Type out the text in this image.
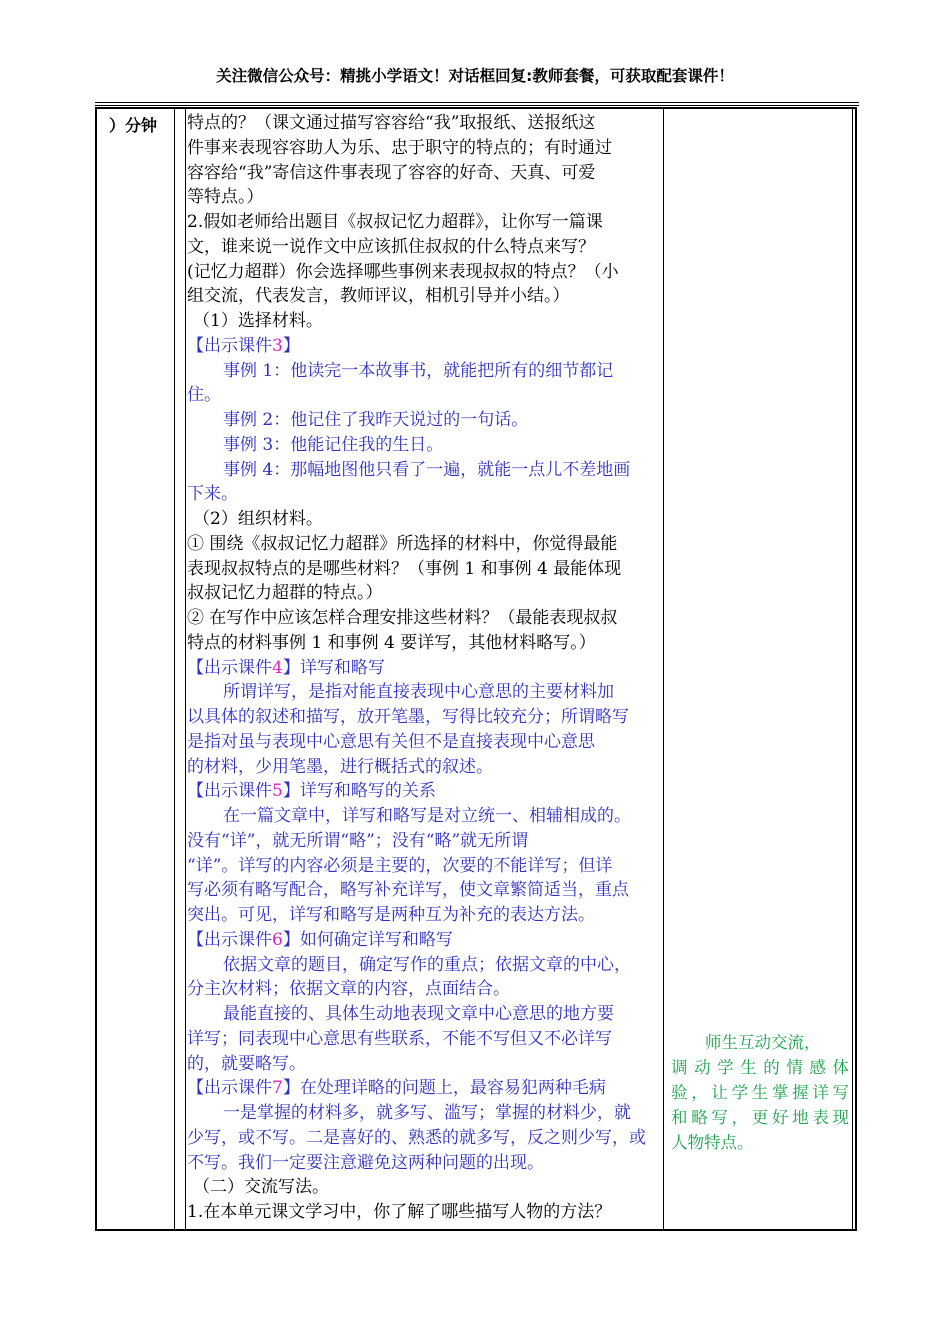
关注微信公众号：精挑小学语文！对话框回复:教师套餐，可获取配套课件！
）分钟 特点的？（课文通过描写容容给“我”取报纸、送报纸这
件事来表现容容助人为乐、忠于职守的特点的；有时通过
容容给“我”寄信这件事表现了容容的好奇、天真、可爱
等特点。）
2.假如老师给出题目《叔叔记忆力超群》，让你写一篇课
文，谁来说一说作文中应该抓住叔叔的什么特点来写？
(记忆力超群）你会选择哪些事例来表现叔叔的特点？（小
组交流，代表发言，教师评议，相机引导并小结。）
（1）选择材料。
【出示课件3】
事例 1：他读完一本故事书，就能把所有的细节都记
住。
事例 2：他记住了我昨天说过的一句话。
事例 3：他能记住我的生日。
事例 4：那幅地图他只看了一遍，就能一点儿不差地画
下来。
（2）组织材料。
① 围绕《叔叔记忆力超群》所选择的材料中，你觉得最能
表现叔叔特点的是哪些材料？（事例 1 和事例 4 最能体现
叔叔记忆力超群的特点。）
② 在写作中应该怎样合理安排这些材料？（最能表现叔叔
特点的材料事例 1 和事例 4 要详写，其他材料略写。）
【出示课件4】详写和略写
所谓详写，是指对能直接表现中心意思的主要材料加
以具体的叙述和描写，放开笔墨，写得比较充分；所谓略写
是指对虽与表现中心意思有关但不是直接表现中心意思
的材料，少用笔墨，进行概括式的叙述。
【出示课件5】详写和略写的关系
在一篇文章中，详写和略写是对立统一、相辅相成的。
没有“详”，就无所谓“略”；没有“略”就无所谓
“详”。详写的内容必须是主要的，次要的不能详写；但详
写必须有略写配合，略写补充详写，使文章繁简适当，重点
突出。可见，详写和略写是两种互为补充的表达方法。
【出示课件6】如何确定详写和略写
依据文章的题目，确定写作的重点；依据文章的中心，
分主次材料；依据文章的内容，点面结合。
最能直接的、具体生动地表现文章中心意思的地方要
详写；同表现中心意思有些联系，不能不写但又不必详写
的，就要略写。
【出示课件7】在处理详略的问题上，最容易犯两种毛病
一是掌握的材料多，就多写、滥写；掌握的材料少，就
少写，或不写。二是喜好的、熟悉的就多写，反之则少写，或
不写。我们一定要注意避免这两种问题的出现。
（二）交流写法。
1.在本单元课文学习中，你了解了哪些描写人物的方法？
师生互动交流，
调动学生的情感体
验，让学生掌握详写
和略写，更好地表现
人物特点。
